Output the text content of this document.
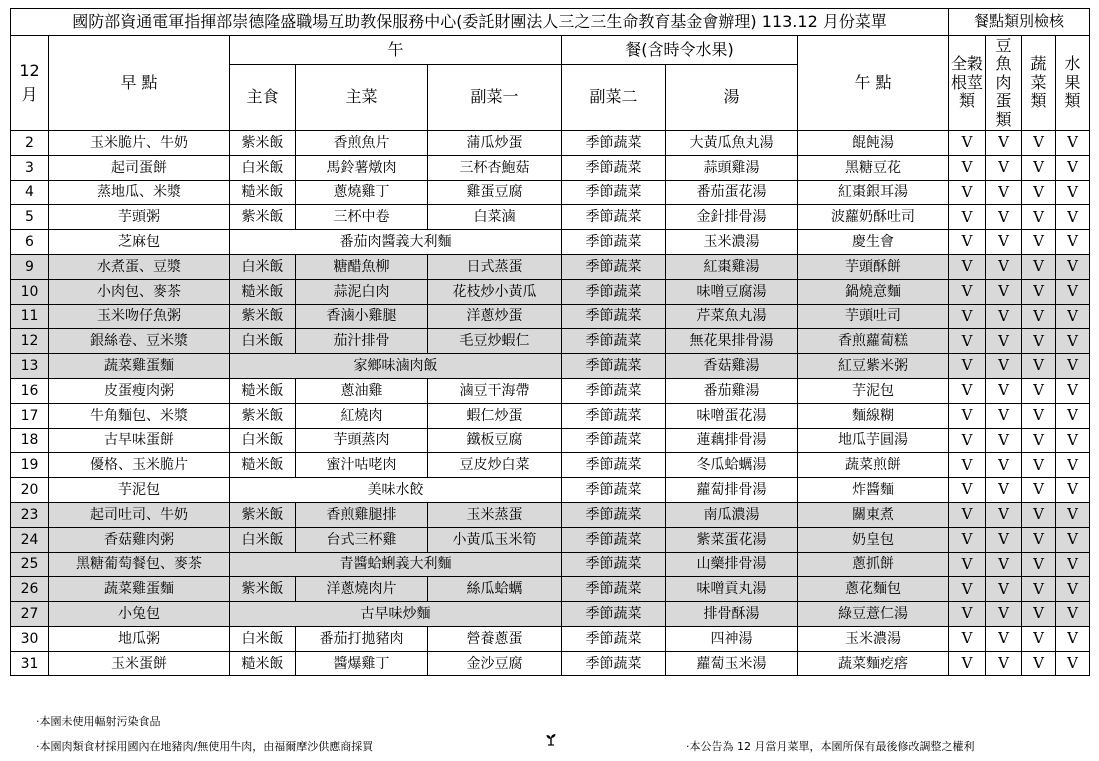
國防部資通電軍指揮部崇德隆盛職場互助教保服務中心(委託財團法人三之三生命教育基金會辦理) 113.12 月份菜單								餐點類別檢核			
12
月	早 點	午			餐(含時令水果)		午 點	全穀根莖類	豆魚肉蛋類	蔬菜類	水果類
		主食	主菜	副菜一	副菜二	湯					
2	玉米脆片、牛奶	紫米飯	香煎魚片	蒲瓜炒蛋	季節蔬菜	大黃瓜魚丸湯	餛飩湯	V	V	V	V
3	起司蛋餅	白米飯	馬鈴薯燉肉	三杯杏鮑菇	季節蔬菜	蒜頭雞湯	黑糖豆花	V	V	V	V
4	蒸地瓜、米漿	糙米飯	蔥燒雞丁	雞蛋豆腐	季節蔬菜	番茄蛋花湯	紅棗銀耳湯	V	V	V	V
5	芋頭粥	紫米飯	三杯中卷	白菜滷	季節蔬菜	金針排骨湯	波蘿奶酥吐司	V	V	V	V
6	芝麻包	番茄肉醬義大利麵			季節蔬菜	玉米濃湯	慶生會	V	V	V	V
9	水煮蛋、豆漿	白米飯	糖醋魚柳	日式蒸蛋	季節蔬菜	紅棗雞湯	芋頭酥餅	V	V	V	V
10	小肉包、麥茶	糙米飯	蒜泥白肉	花枝炒小黃瓜	季節蔬菜	味噌豆腐湯	鍋燒意麵	V	V	V	V
11	玉米吻仔魚粥	紫米飯	香滷小雞腿	洋蔥炒蛋	季節蔬菜	芹菜魚丸湯	芋頭吐司	V	V	V	V
12	銀絲卷、豆米漿	白米飯	茄汁排骨	毛豆炒蝦仁	季節蔬菜	無花果排骨湯	香煎蘿蔔糕	V	V	V	V
13	蔬菜雞蛋麵	家鄉味滷肉飯			季節蔬菜	香菇雞湯	紅豆紫米粥	V	V	V	V
16	皮蛋瘦肉粥	糙米飯	蔥油雞	滷豆干海帶	季節蔬菜	番茄雞湯	芋泥包	V	V	V	V
17	牛角麵包、米漿	紫米飯	紅燒肉	蝦仁炒蛋	季節蔬菜	味噌蛋花湯	麵線糊	V	V	V	V
18	古早味蛋餅	白米飯	芋頭蒸肉	鐵板豆腐	季節蔬菜	蓮藕排骨湯	地瓜芋圓湯	V	V	V	V
19	優格、玉米脆片	糙米飯	蜜汁咕咾肉	豆皮炒白菜	季節蔬菜	冬瓜蛤蠣湯	蔬菜煎餅	V	V	V	V
20	芋泥包	美味水餃			季節蔬菜	蘿蔔排骨湯	炸醬麵	V	V	V	V
23	起司吐司、牛奶	紫米飯	香煎雞腿排	玉米蒸蛋	季節蔬菜	南瓜濃湯	關東煮	V	V	V	V
24	香菇雞肉粥	白米飯	台式三杯雞	小黃瓜玉米筍	季節蔬菜	紫菜蛋花湯	奶皇包	V	V	V	V
25	黑糖葡萄餐包、麥茶	青醬蛤蜊義大利麵			季節蔬菜	山藥排骨湯	蔥抓餅	V	V	V	V
26	蔬菜雞蛋麵	紫米飯	洋蔥燒肉片	絲瓜蛤蠣	季節蔬菜	味噌貢丸湯	蔥花麵包	V	V	V	V
27	小兔包	古早味炒麵			季節蔬菜	排骨酥湯	綠豆薏仁湯	V	V	V	V
30	地瓜粥	白米飯	番茄打拋豬肉	營養蔥蛋	季節蔬菜	四神湯	玉米濃湯	V	V	V	V
31	玉米蛋餅	糙米飯	醬爆雞丁	金沙豆腐	季節蔬菜	蘿蔔玉米湯	蔬菜麵疙瘩	V	V	V	V
·本園未使用輻射污染食品
·本園肉類食材採用國內在地豬肉/無使用牛肉，由福爾摩沙供應商採買	·本公告為 12 月當月菜單，本園所保有最後修改調整之權利
